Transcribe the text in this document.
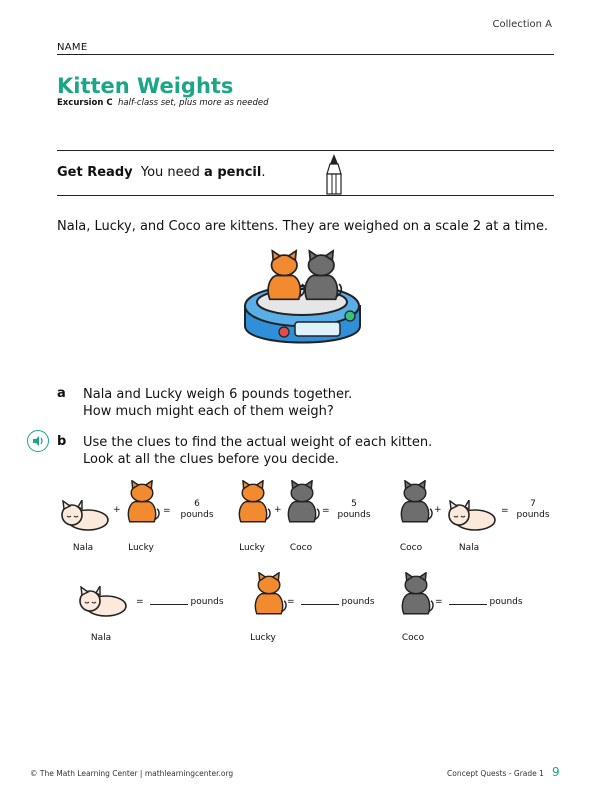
Collection A
NAME
Kitten Weights
Excursion C half-class set, plus more as needed
Get Ready You need a pencil.
Nala, Lucky, and Coco are kittens. They are weighed on a scale 2 at a time.
a Nala and Lucky weigh 6 pounds together.
How much might each of them weigh?
b Use the clues to find the actual weight of each kitten.
Look at all the clues before you decide.
+	=
6
pounds
Nala	Lucky
+	=
5
pounds
Lucky	Coco
+	=
7
pounds
Coco	Nala
=	pounds
Nala
=	pounds
Lucky
=	pounds
Coco
© The Math Learning Center | mathlearningcenter.org	Concept Quests - Grade 1 9
